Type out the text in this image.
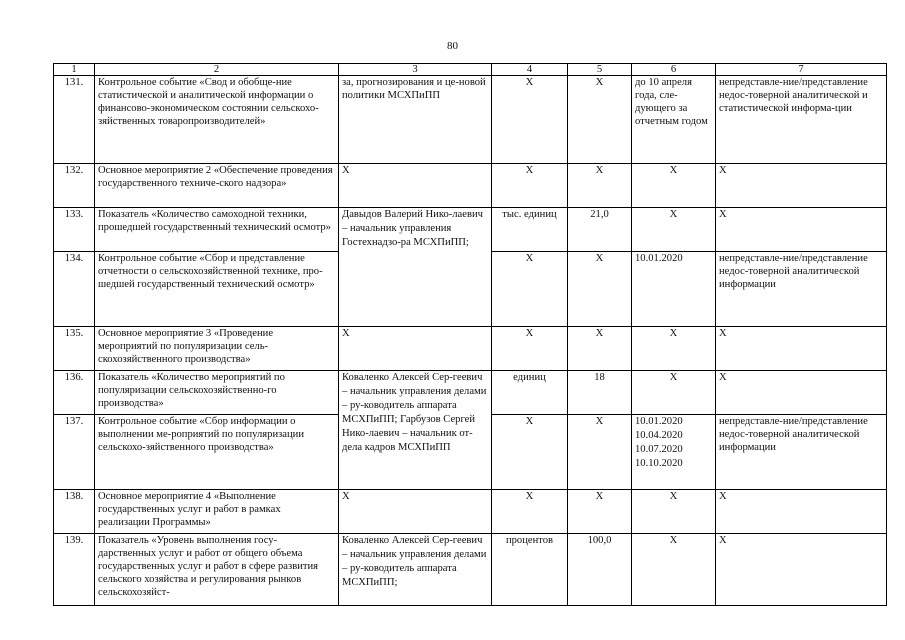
80
1	2	3	4	5	6	7
131.	Контрольное событие «Свод и обобще-ние статистической и аналитической информации о финансово-экономическом состоянии сельскохо-зяйственных товаропроизводителей»	за, прогнозирования и це-новой политики МСХПиПП	Х	Х	до 10 апреля года, сле-дующего за отчетным годом	непредставле-ние/представление недос-товерной аналитической и статистической информа-ции
132.	Основное мероприятие 2 «Обеспечение проведения государственного техниче-ского надзора»	Х	Х	Х	Х	Х
133.	Показатель «Количество самоходной техники, прошедшей государственный технический осмотр»	Давыдов Валерий Нико-лаевич – начальник управления Гостехнадзо-ра МСХПиПП;	тыс. единиц	21,0	Х	Х
134.	Контрольное событие «Сбор и представление отчетности о сельскохозяйственной технике, про-шедшей государственный технический осмотр»		Х	Х	10.01.2020	непредставле-ние/представление недос-товерной аналитической информации
135.	Основное мероприятие 3 «Проведение мероприятий по популяризации сель-скохозяйственного производства»	Х	Х	Х	Х	Х
136.	Показатель «Количество мероприятий по популяризации сельскохозяйственно-го производства»	Коваленко Алексей Сер-геевич – начальник управления делами – ру-ководитель аппарата МСХПиПП; Гарбузов Сергей Нико-лаевич – начальник от-дела кадров МСХПиПП	единиц	18	Х	Х
137.	Контрольное событие «Сбор информации о выполнении ме-роприятий по популяризации сельскохо-зяйственного производства»		Х	Х	10.01.2020 10.04.2020 10.07.2020 10.10.2020	непредставле-ние/представление недос-товерной аналитической информации
138.	Основное мероприятие 4 «Выполнение государственных услуг и работ в рамках реализации Программы»	Х	Х	Х	Х	Х
139.	Показатель «Уровень выполнения госу-дарственных услуг и работ от общего объема государственных услуг и работ в сфере развития сельского хозяйства и регулирования рынков сельскохозяйст-	Коваленко Алексей Сер-геевич – начальник управления делами – ру-ководитель аппарата МСХПиПП;	процентов	100,0	Х	Х
